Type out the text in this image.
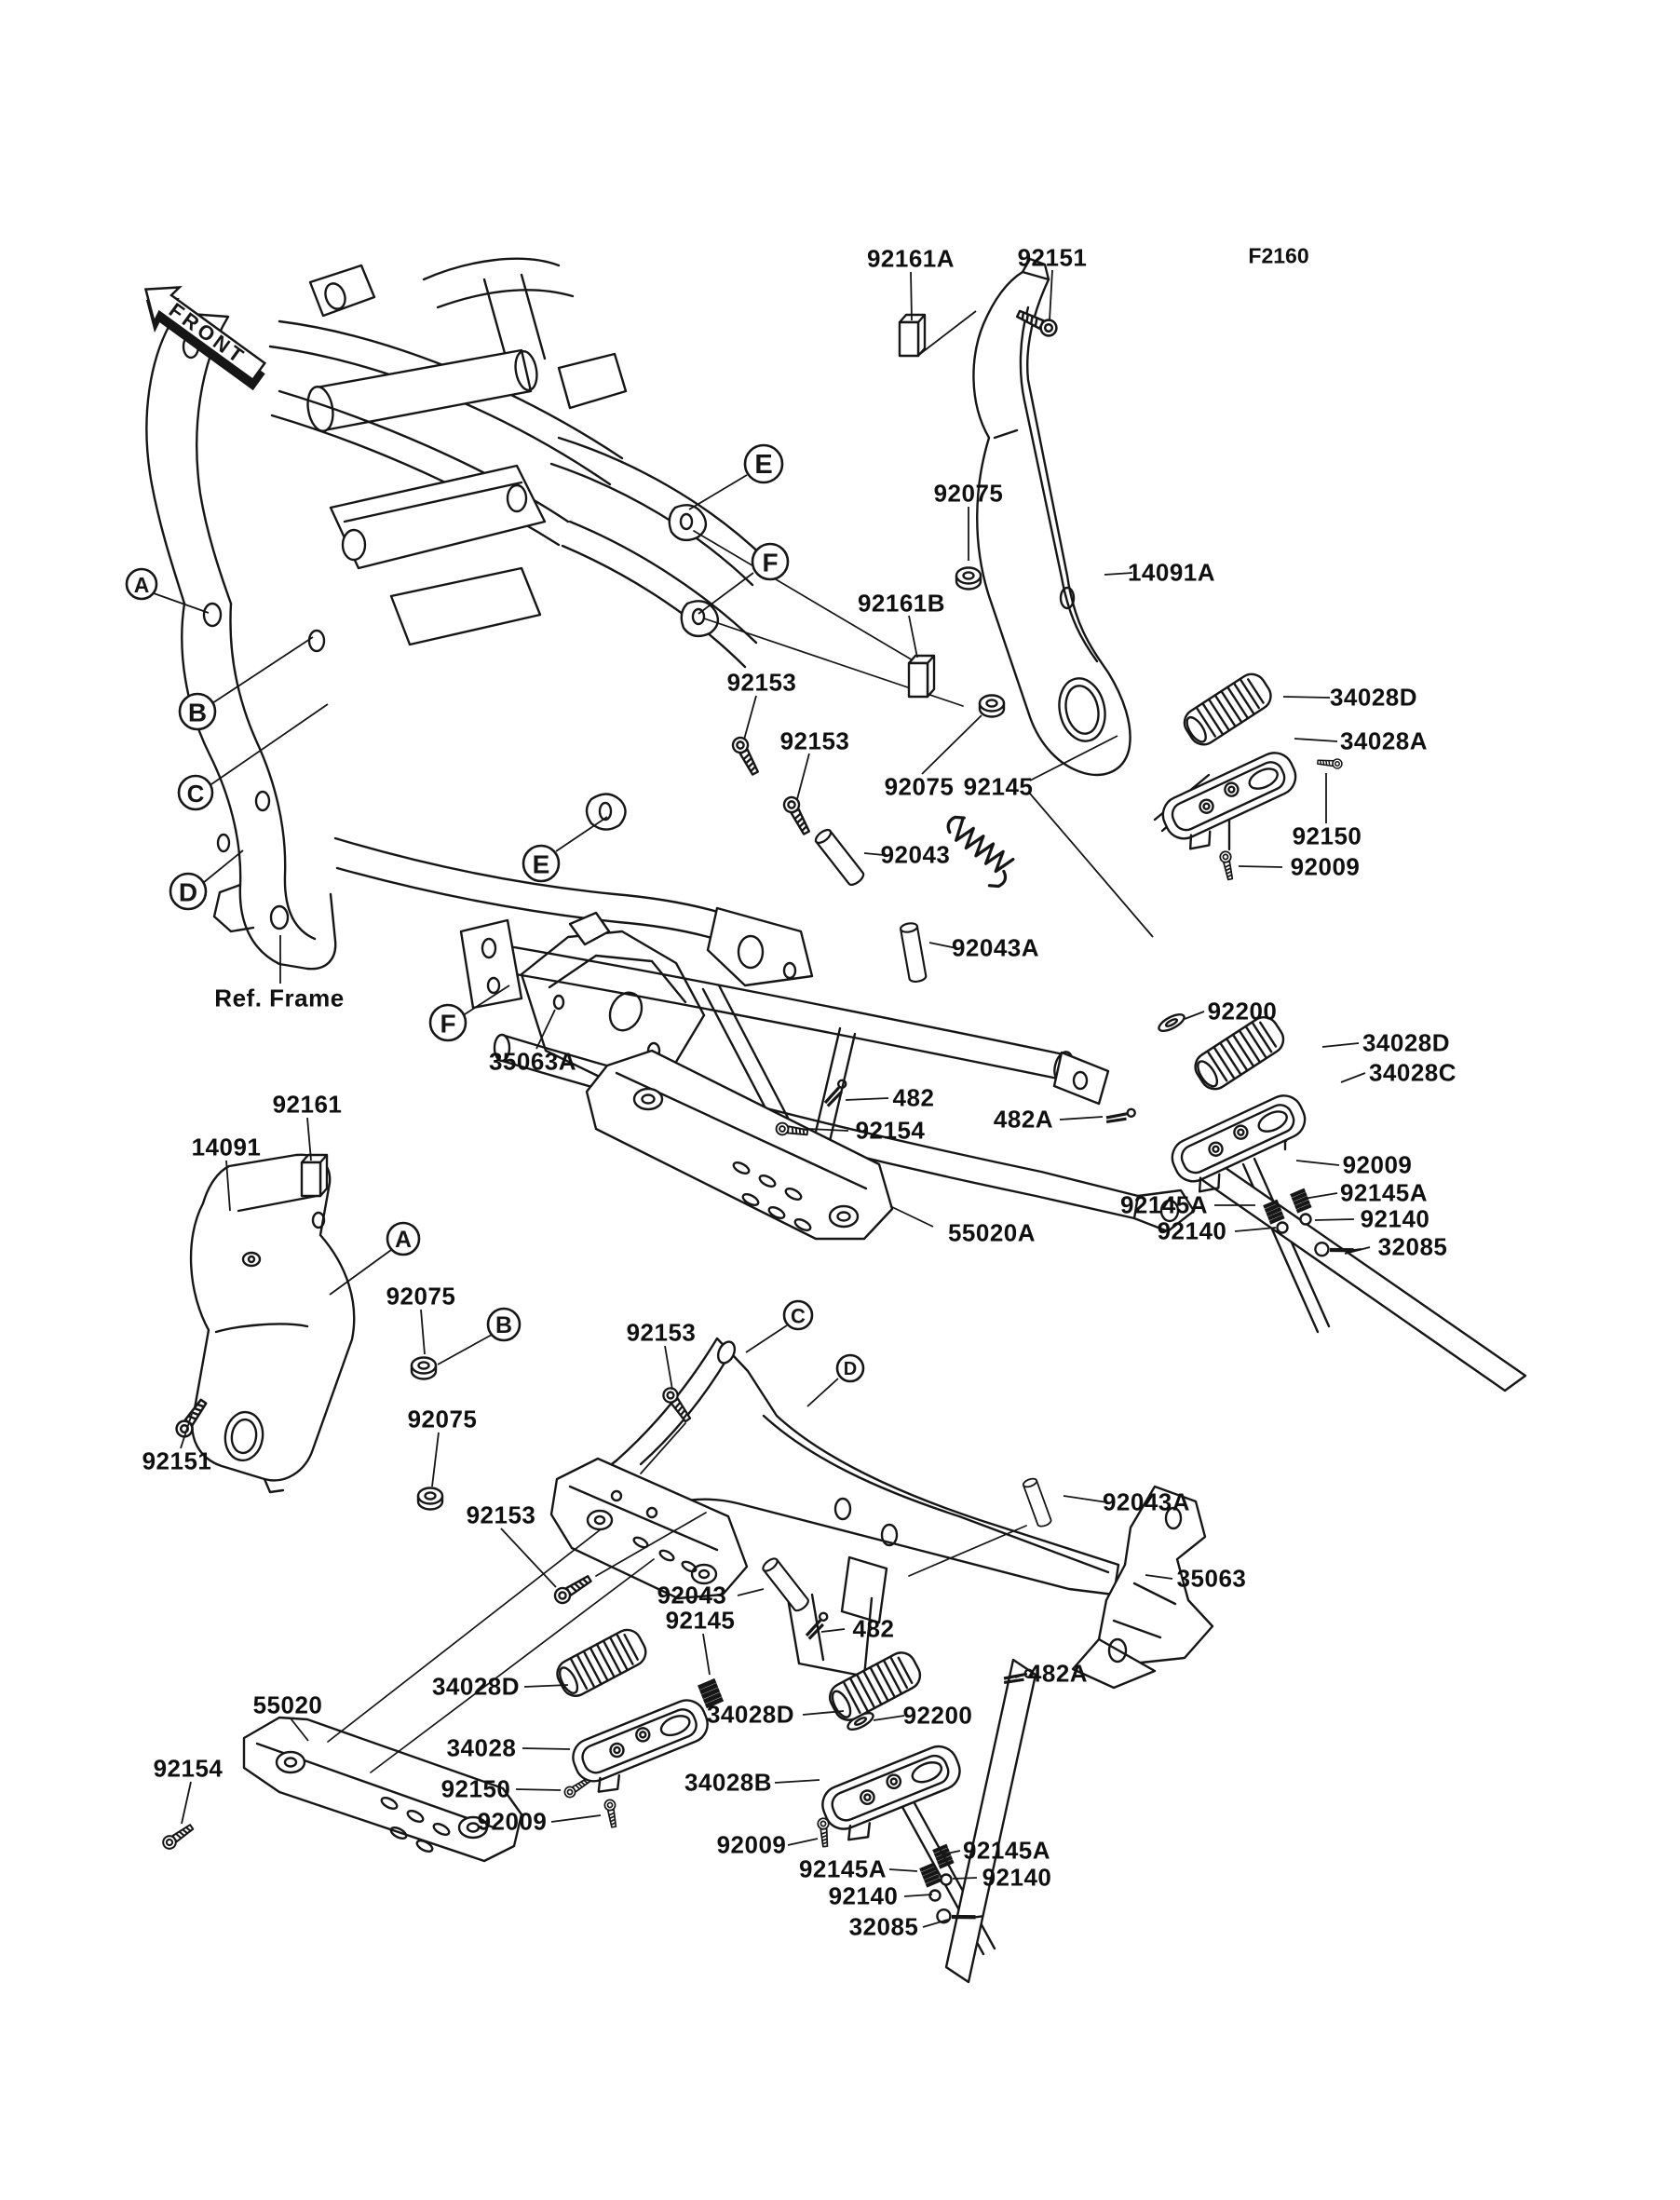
A
B
C
D
E
F
E
F
A
B	C
D
FRONT
F2160
92161A	92151
92075
14091A
92161B
92153
92153
92075 92145
34028D
34028A
92150
92009
92043
92043A
92200
34028D
34028C
92009
92145A
92140
32085
92145A
92140
482
92154	482A
55020A
Ref. Frame
35063A
92161
14091
92075
92075
92151
92153
92153
92043
92145	482
92043A
35063
482A
55020
34028D
34028
92154
92150
92009
34028D	92200
34028B
92009	92145A
92145A	92140
92140
32085
